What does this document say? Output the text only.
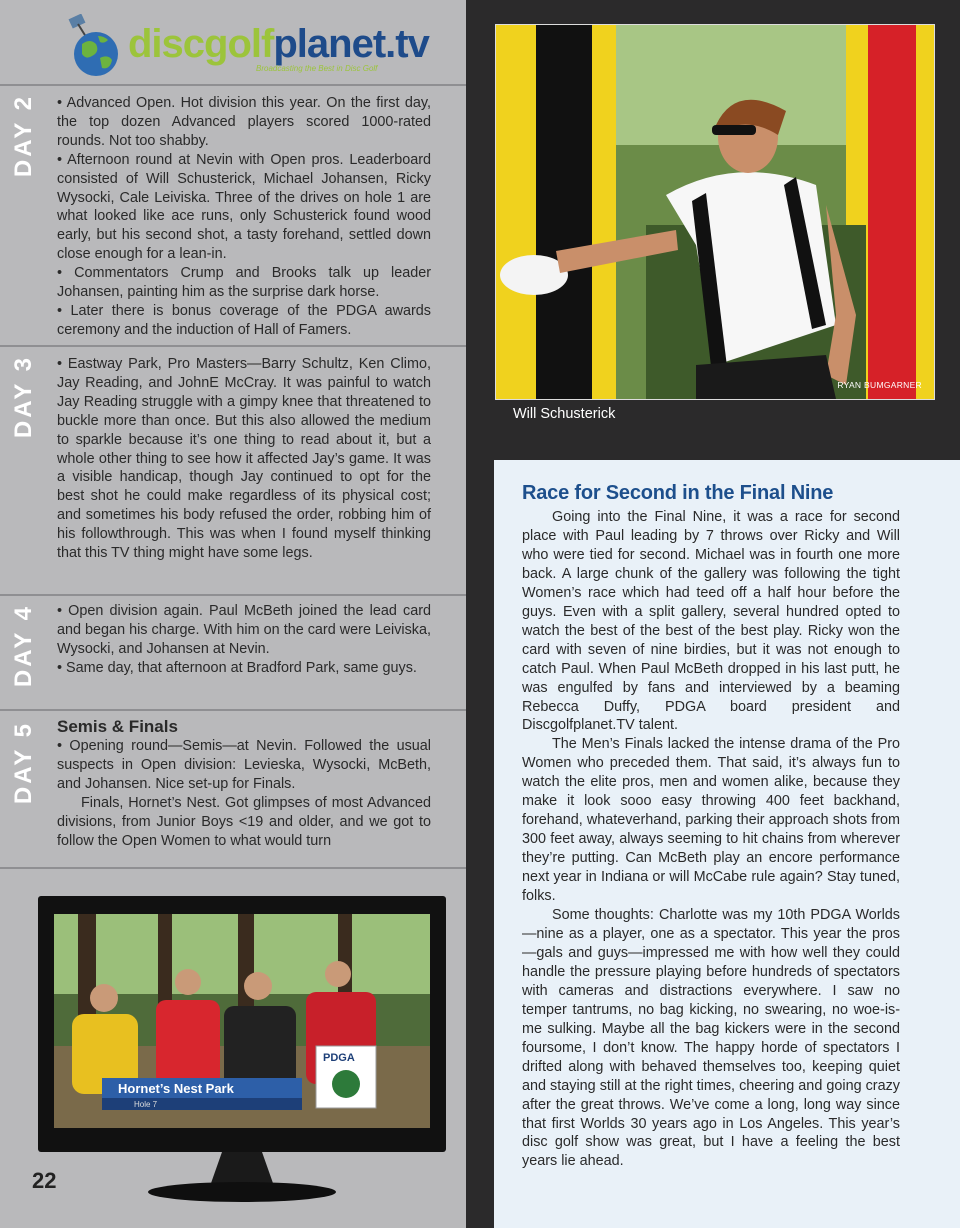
discgolfplanet.tv
Broadcasting the Best in Disc Golf
DAY 2 • Advanced Open. Hot division this year. On the first day, the top dozen Advanced players scored 1000-rated rounds. Not too shabby.

• Afternoon round at Nevin with Open pros. Leaderboard consisted of Will Schusterick, Michael Johansen, Ricky Wysocki, Cale Leiviska. Three of the drives on hole 1 are what looked like ace runs, only Schusterick found wood early, but his second shot, a tasty forehand, settled down close enough for a lean-in.

• Commentators Crump and Brooks talk up leader Johansen, painting him as the surprise dark horse.

• Later there is bonus coverage of the PDGA awards ceremony and the induction of Hall of Famers.

DAY 3 • Eastway Park, Pro Masters—Barry Schultz, Ken Climo, Jay Reading, and JohnE McCray. It was painful to watch Jay Reading struggle with a gimpy knee that threatened to buckle more than once. But this also allowed the medium to sparkle because it’s one thing to read about it, but a whole other thing to see how it affected Jay’s game. It was a visible handicap, though Jay continued to opt for the best shot he could make regardless of its physical cost; and sometimes his body refused the order, robbing him of his followthrough. This was when I found myself thinking that this TV thing might have some legs.

DAY 4 • Open division again. Paul McBeth joined the lead card and began his charge. With him on the card were Leiviska, Wysocki, and Johansen at Nevin.

• Same day, that afternoon at Bradford Park, same guys.

DAY 5 Semis & Finals

• Opening round—Semis—at Nevin. Followed the usual suspects in Open division: Levieska, Wysocki, McBeth, and Johansen. Nice set-up for Finals.

Finals, Hornet’s Nest. Got glimpses of most Advanced divisions, from Junior Boys <19 and older, and we got to follow the Open Women to what would turn

Hornet’s Nest Park
Hole 7
PDGA
22
RYAN BUMGARNER
Will Schusterick
Race for Second in the Final Nine

Going into the Final Nine, it was a race for second place with Paul leading by 7 throws over Ricky and Will who were tied for second. Michael was in fourth one more back. A large chunk of the gallery was following the tight Women’s race which had teed off a half hour before the guys. Even with a split gallery, several hundred opted to watch the best of the best of the best play. Ricky won the card with seven of nine birdies, but it was not enough to catch Paul. When Paul McBeth dropped in his last putt, he was engulfed by fans and interviewed by a beaming Rebecca Duffy, PDGA board president and Discgolfplanet.TV talent.

The Men’s Finals lacked the intense drama of the Pro Women who preceded them. That said, it’s always fun to watch the elite pros, men and women alike, because they make it look sooo easy throwing 400 feet backhand, forehand, whateverhand, parking their approach shots from 300 feet away, always seeming to hit chains from wherever they’re putting. Can McBeth play an encore performance next year in Indiana or will McCabe rule again? Stay tuned, folks.

Some thoughts: Charlotte was my 10th PDGA Worlds—nine as a player, one as a spectator. This year the pros—gals and guys—impressed me with how well they could handle the pressure playing before hundreds of spectators with cameras and distractions everywhere. I saw no temper tantrums, no bag kicking, no swearing, no woe-is-me sulking. Maybe all the bag kickers were in the second foursome, I don’t know. The happy horde of spectators I drifted along with behaved themselves too, keeping quiet and staying still at the right times, cheering and going crazy after the great throws. We’ve come a long, long way since that first Worlds 30 years ago in Los Angeles. This year’s disc golf show was great, but I have a feeling the best years lie ahead.
